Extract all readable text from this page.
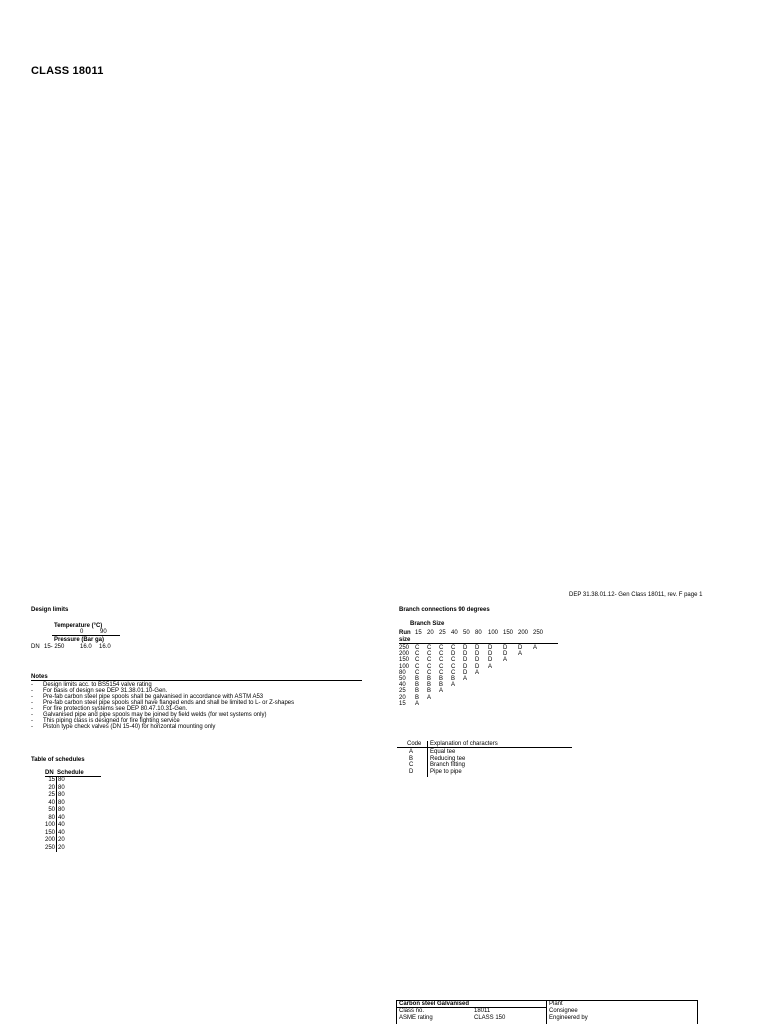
CLASS 18011
DEP 31.38.01.12- Gen Class 18011, rev. F page 1
Design limits
Temperature (°C)
0	90
Pressure (Bar ga)
DN 15- 250	16.0 16.0
Notes
- Design limits acc. to BS5154 valve rating
- For basis of design see DEP 31.38.01.10-Gen.
- Pre-fab carbon steel pipe spools shall be galvanised in accordance with ASTM A53
- Pre-fab carbon steel pipe spools shall have flanged ends and shall be limited to L- or Z-shapes
- For fire protection systems see DEP 80.47.10.31-Gen.
- Galvanised pipe and pipe spools may be joined by field welds (for wet systems only)
- This piping class is designed for fire fighting service
- Piston type check valves (DN 15-40) for horizontal mounting only
Table of schedules
DN Schedule
15 80
20 80
25 80
40 80
50 80
80 40
100 40
150 40
200 20
250 20
Branch connections 90 degrees
Branch Size
Run 15 20 25 40 50 80 100 150 200 250
size
250 C C C C D D D D D A
200 C C C D D D D D A
150 C C C C D D D A
100 C C C C D D A
80 C C C C D A
50 B B B B A
40 B B B A
25 B B A
20 B A
15 A
Code Explanation of characters
A	Equal tee
B	Reducing tee
C	Branch fitting
D	Pipe to pipe
Carbon steel Galvanised
Class no.	18011
ASME rating	CLASS 150
Plant
Consignee
Engineered by
